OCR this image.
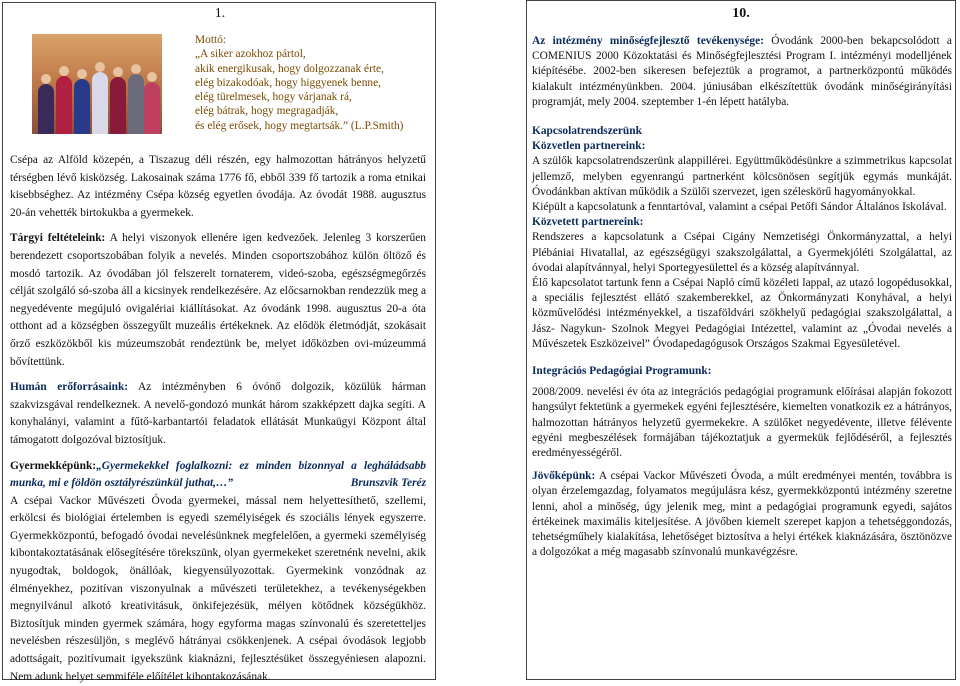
1.
Mottó:
„A siker azokhoz pártol,
akik energikusak, hogy dolgozzanak érte,
elég bizakodóak, hogy higgyenek benne,
elég türelmesek, hogy várjanak rá,
elég bátrak, hogy megragadják,
és elég erősek, hogy megtartsák.” (L.P.Smith)

Csépa az Alföld közepén, a Tiszazug déli részén, egy halmozottan hátrányos helyzetű térségben lévő kisközség. Lakosainak száma 1776 fő, ebből 339 fő tartozik a roma etnikai kisebbséghez. Az intézmény Csépa község egyetlen óvodája. Az óvodát 1988. augusztus 20-án vehették birtokukba a gyermekek.

Tárgyi feltételeink: A helyi viszonyok ellenére igen kedvezőek. Jelenleg 3 korszerűen berendezett csoportszobában folyik a nevelés. Minden csoportszobához külön öltöző és mosdó tartozik. Az óvodában jól felszerelt tornaterem, videó-szoba, egészségmegőrzés célját szolgáló só-szoba áll a kicsinyek rendelkezésére. Az előcsarnokban rendezzük meg a negyedévente megújuló ovigalériai kiállításokat. Az óvodánk 1998. augusztus 20-a óta otthont ad a községben összegyűlt muzeális értékeknek. Az elődök életmódját, szokásait őrző eszközökből kis múzeumszobát rendeztünk be, melyet időközben ovi-múzeummá bővítettünk.

Humán erőforrásaink: Az intézményben 6 óvónő dolgozik, közülük hárman szakvizsgával rendelkeznek. A nevelő-gondozó munkát három szakképzett dajka segíti. A konyhalányi, valamint a fűtő-karbantartói feladatok ellátását Munkaügyi Központ által támogatott dolgozóval biztosítjuk.

Gyermekképünk:„Gyermekekkel foglalkozni: ez minden bizonnyal a legháládsabb munka, mi e földön osztályrészünkül juthat,…”	Brunszvik Teréz

A csépai Vackor Művészeti Óvoda gyermekei, mással nem helyettesíthető, szellemi, erkölcsi és biológiai értelemben is egyedi személyiségek és szociális lények egyszerre. Gyermekközpontú, befogadó óvodai nevelésünknek megfelelően, a gyermeki személyiség kibontakoztatásának elősegítésére törekszünk, olyan gyermekeket szeretnénk nevelni, akik nyugodtak, boldogok, önállóak, kiegyensúlyozottak. Gyermekink vonzódnak az élményekhez, pozitívan viszonyulnak a művészeti területekhez, a tevékenységekben megnyilvánul alkotó kreativitásuk, önkifejezésük, mélyen kötődnek községükhöz. Biztosítjuk minden gyermek számára, hogy egyforma magas színvonalú és szeretetteljes nevelésben részesüljön, s meglévő hátrányai csökkenjenek. A csépai óvodások legjobb adottságait, pozitívumait igyekszünk kiaknázni, fejlesztésüket összegyéniesen alapozni. Nem adunk helyet semmiféle előítélet kibontakozásának.

10.

Az intézmény minőségfejlesztő tevékenysége: Óvodánk 2000-ben bekapcsolódott a COMENIUS 2000 Közoktatási és Minőségfejlesztési Program I. intézményi modelljének kiépítésébe. 2002-ben sikeresen befejeztük a programot, a partnerközpontú működés kialakult intézményünkben. 2004. júniusában elkészítettük óvodánk minőségirányítási programját, mely 2004. szeptember 1-én lépett hatályba.

Kapcsolatrendszerünk

Közvetlen partnereink:

A szülők kapcsolatrendszerünk alappillérei. Együttműködésünkre a szimmetrikus kapcsolat jellemző, melyben egyenrangú partnerként kölcsönösen segítjük egymás munkáját. Óvodánkban aktívan működik a Szülői szervezet, igen széleskörű hagyományokkal.

Kiépült a kapcsolatunk a fenntartóval, valamint a csépai Petőfi Sándor Általános Iskolával.

Közvetett partnereink:

Rendszeres a kapcsolatunk a Csépai Cigány Nemzetiségi Önkormányzattal, a helyi Plébániai Hivatallal, az egészségügyi szakszolgálattal, a Gyermekjóléti Szolgálattal, az óvodai alapítvánnyal, helyi Sportegyesülettel és a község alapítvánnyal.

Élő kapcsolatot tartunk fenn a Csépai Napló című közéleti lappal, az utazó logopédusokkal, a speciális fejlesztést ellátó szakemberekkel, az Önkormányzati Konyhával, a helyi közművelődési intézményekkel, a tiszaföldvári szökhelyű pedagógiai szakszolgálattal, a Jász- Nagykun- Szolnok Megyei Pedagógiai Intézettel, valamint az „Óvodai nevelés a Művészetek Eszközeivel” Óvodapedagógusok Országos Szakmai Egyesületével.

Integrációs Pedagógiai Programunk:

2008/2009. nevelési év óta az integrációs pedagógiai programunk előírásai alapján fokozott hangsúlyt fektetünk a gyermekek egyéni fejlesztésére, kiemelten vonatkozik ez a hátrányos, halmozottan hátrányos helyzetű gyermekekre. A szülőket negyedévente, illetve félévente egyéni megbeszélések formájában tájékoztatjuk a gyermekük fejlődéséről, a fejlesztés eredményességéről.

Jövőképünk: A csépai Vackor Művészeti Óvoda, a múlt eredményei mentén, továbbra is olyan érzelemgazdag, folyamatos megújulásra kész, gyermekközpontú intézmény szeretne lenni, ahol a minőség, úgy jelenik meg, mint a pedagógiai programunk egyedi, sajátos értékeinek maximális kiteljesítése. A jövőben kiemelt szerepet kapjon a tehetséggondozás, tehetségműhely kialakítása, lehetőséget biztosítva a helyi értékek kiaknázására, ösztönözve a dolgozókat a még magasabb színvonalú munkavégzésre.
